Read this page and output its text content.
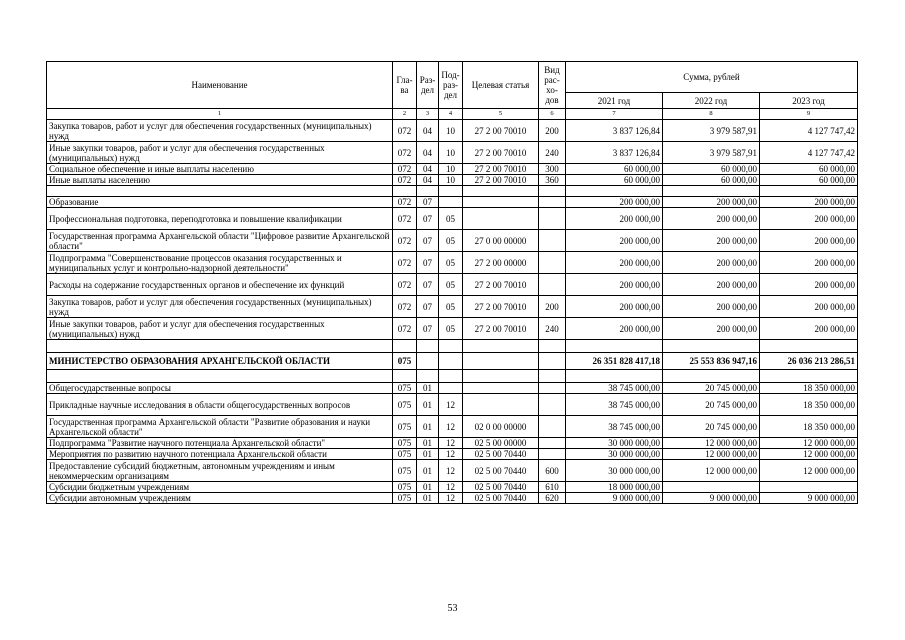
Наименование	Гла-ва	Раз-дел	Под-раз-дел	Целевая статья	Вид рас-хо-дов	Сумма, рублей		
						2021 год	2022 год	2023 год
1	2	3	4	5	6	7	8	9
Закупка товаров, работ и услуг для обеспечения государственных (муниципальных) нужд	072	04	10	27 2 00 70010	200	3 837 126,84	3 979 587,91	4 127 747,42
Иные закупки товаров, работ и услуг для обеспечения государственных (муниципальных) нужд	072	04	10	27 2 00 70010	240	3 837 126,84	3 979 587,91	4 127 747,42
Социальное обеспечение и иные выплаты населению	072	04	10	27 2 00 70010	300	60 000,00	60 000,00	60 000,00
Иные выплаты населению	072	04	10	27 2 00 70010	360	60 000,00	60 000,00	60 000,00

Образование	072	07				200 000,00	200 000,00	200 000,00
Профессиональная подготовка, переподготовка и повышение квалификации	072	07	05			200 000,00	200 000,00	200 000,00
Государственная программа Архангельской области "Цифровое развитие Архангельской области"	072	07	05	27 0 00 00000		200 000,00	200 000,00	200 000,00
Подпрограмма "Совершенствование процессов оказания государственных и муниципальных услуг и контрольно-надзорной деятельности"	072	07	05	27 2 00 00000		200 000,00	200 000,00	200 000,00
Расходы на содержание государственных органов и обеспечение их функций	072	07	05	27 2 00 70010		200 000,00	200 000,00	200 000,00
Закупка товаров, работ и услуг для обеспечения государственных (муниципальных) нужд	072	07	05	27 2 00 70010	200	200 000,00	200 000,00	200 000,00
Иные закупки товаров, работ и услуг для обеспечения государственных (муниципальных) нужд	072	07	05	27 2 00 70010	240	200 000,00	200 000,00	200 000,00

МИНИСТЕРСТВО ОБРАЗОВАНИЯ АРХАНГЕЛЬСКОЙ ОБЛАСТИ	075					26 351 828 417,18	25 553 836 947,16	26 036 213 286,51

Общегосударственные вопросы	075	01				38 745 000,00	20 745 000,00	18 350 000,00
Прикладные научные исследования в области общегосударственных вопросов	075	01	12			38 745 000,00	20 745 000,00	18 350 000,00
Государственная программа Архангельской области "Развитие образования и науки Архангельской области"	075	01	12	02 0 00 00000		38 745 000,00	20 745 000,00	18 350 000,00
Подпрограмма "Развитие научного потенциала Архангельской области"	075	01	12	02 5 00 00000		30 000 000,00	12 000 000,00	12 000 000,00
Мероприятия по развитию научного потенциала Архангельской области	075	01	12	02 5 00 70440		30 000 000,00	12 000 000,00	12 000 000,00
Предоставление субсидий бюджетным, автономным учреждениям и иным некоммерческим организациям	075	01	12	02 5 00 70440	600	30 000 000,00	12 000 000,00	12 000 000,00
Субсидии бюджетным учреждениям	075	01	12	02 5 00 70440	610	18 000 000,00		
Субсидии автономным учреждениям	075	01	12	02 5 00 70440	620	9 000 000,00	9 000 000,00	9 000 000,00
53
